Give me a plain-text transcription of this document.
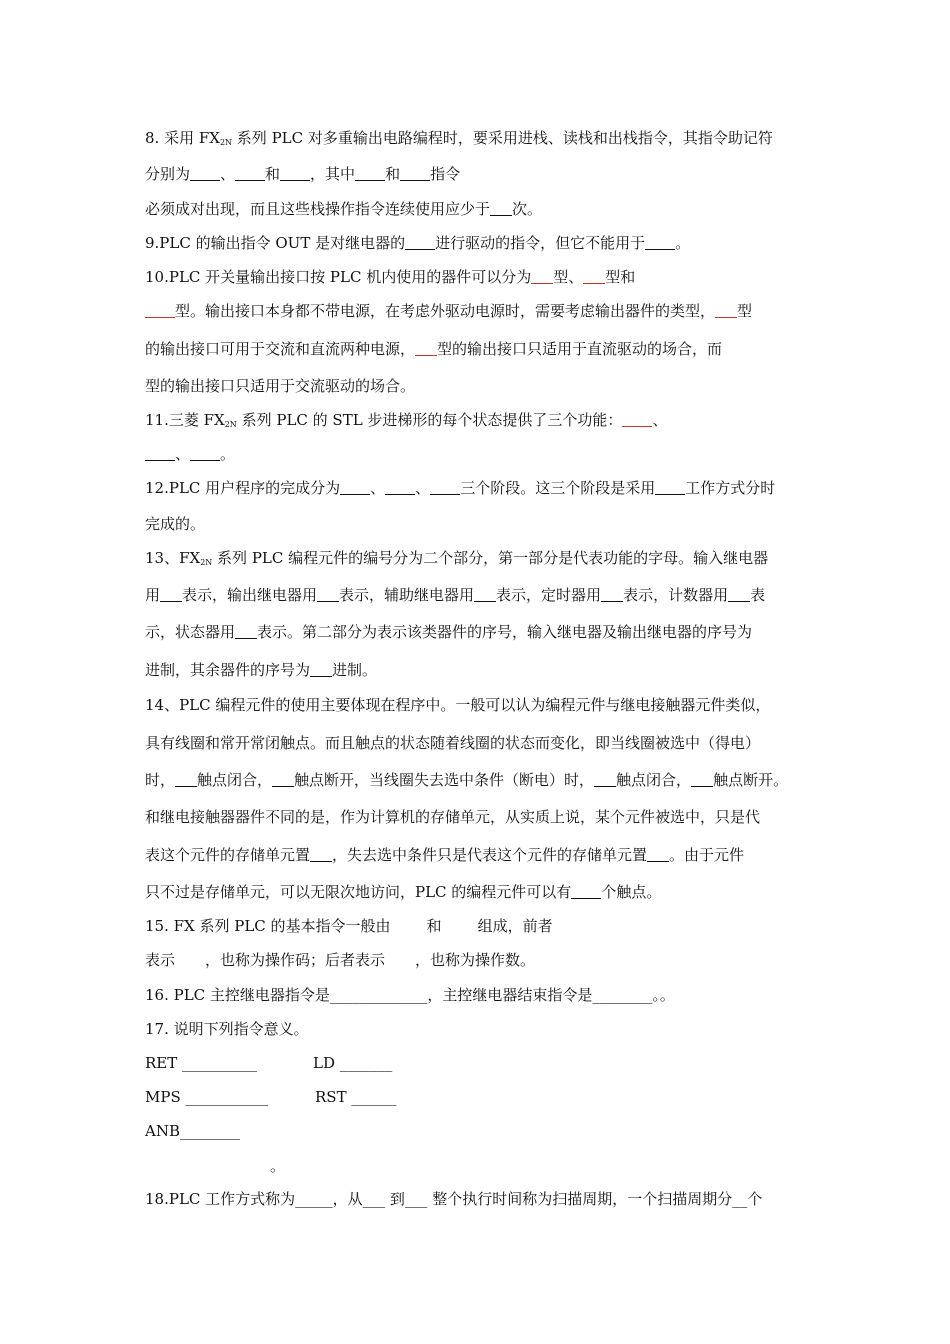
8. 采用 $FX_{2N}$ 系列 PLC 对多重输出电路编程时，要采用进栈、读栈和出栈指令，其指令助记符
分别为 、 和 ，其中 和 指令
必须成对出现，而且这些栈操作指令连续使用应少于 次。
9.PLC 的输出指令 OUT 是对继电器的 进行驱动的指令，但它不能用于 。
10.PLC 开关量输出接口按 PLC 机内使用的器件可以分为 型、 型和
型。输出接口本身都不带电源，在考虑外驱动电源时，需要考虑输出器件的类型， 型
的输出接口可用于交流和直流两种电源， 型的输出接口只适用于直流驱动的场合，而
型的输出接口只适用于交流驱动的场合。
11.三菱 $FX_{2N}$ 系列 PLC 的 STL 步进梯形的每个状态提供了三个功能： 、
、 。
12.PLC 用户程序的完成分为 、 、 三个阶段。这三个阶段是采用 工作方式分时
完成的。
13、$FX_{2N}$ 系列 PLC 编程元件的编号分为二个部分，第一部分是代表功能的字母。输入继电器
用 表示，输出继电器用 表示，辅助继电器用 表示，定时器用 表示，计数器用 表
示，状态器用 表示。第二部分为表示该类器件的序号，输入继电器及输出继电器的序号为
进制，其余器件的序号为 进制。
14、PLC 编程元件的使用主要体现在程序中。一般可以认为编程元件与继电接触器元件类似，
具有线圈和常开常闭触点。而且触点的状态随着线圈的状态而变化，即当线圈被选中（得电）
时， 触点闭合， 触点断开，当线圈失去选中条件（断电）时， 触点闭合， 触点断开。
和继电接触器器件不同的是，作为计算机的存储单元，从实质上说，某个元件被选中，只是代
表这个元件的存储单元置 ，失去选中条件只是代表这个元件的存储单元置 。由于元件
只不过是存储单元，可以无限次地访问，PLC 的编程元件可以有 个触点。
15. FX 系列 PLC 的基本指令一般由 和 组成，前者
表示 ，也称为操作码；后者表示 ，也称为操作数。
16. PLC 主控继电器指令是_____________，主控继电器结束指令是________。。
17. 说明下列指令意义。
RET __________	LD _______
MPS ___________	RST ______
ANB________
。
18.PLC 工作方式称为_____，从___ 到___ 整个执行时间称为扫描周期，一个扫描周期分__个
